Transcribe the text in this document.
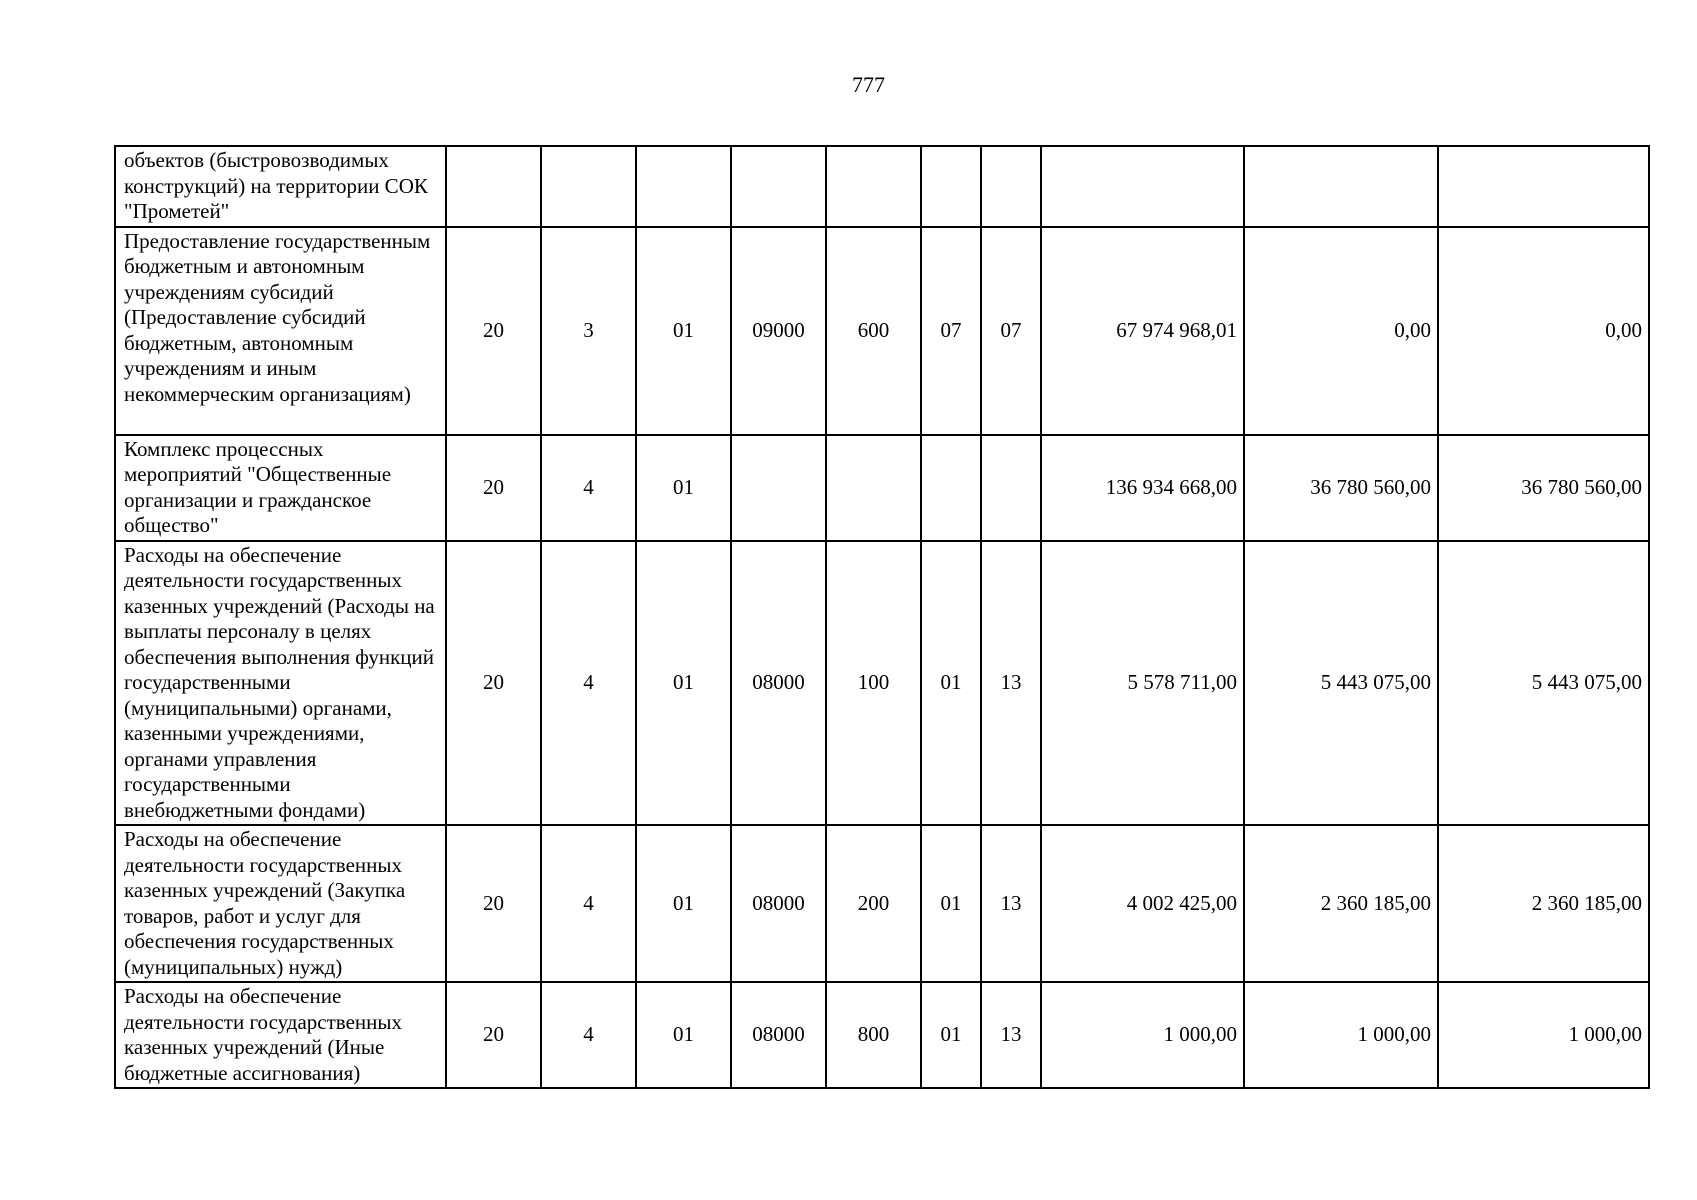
777
объектов (быстровозводимых конструкций) на территории СОК "Прометей"										
Предоставление государственным бюджетным и автономным учреждениям субсидий (Предоставление субсидий бюджетным, автономным учреждениям и иным некоммерческим организациям)	20	3	01	09000	600	07	07	67 974 968,01	0,00	0,00
Комплекс процессных мероприятий "Общественные организации и гражданское общество"	20	4	01					136 934 668,00	36 780 560,00	36 780 560,00
Расходы на обеспечение деятельности государственных казенных учреждений (Расходы на выплаты персоналу в целях обеспечения выполнения функций государственными (муниципальными) органами, казенными учреждениями, органами управления государственными внебюджетными фондами)	20	4	01	08000	100	01	13	5 578 711,00	5 443 075,00	5 443 075,00
Расходы на обеспечение деятельности государственных казенных учреждений (Закупка товаров, работ и услуг для обеспечения государственных (муниципальных) нужд)	20	4	01	08000	200	01	13	4 002 425,00	2 360 185,00	2 360 185,00
Расходы на обеспечение деятельности государственных казенных учреждений (Иные бюджетные ассигнования)	20	4	01	08000	800	01	13	1 000,00	1 000,00	1 000,00
